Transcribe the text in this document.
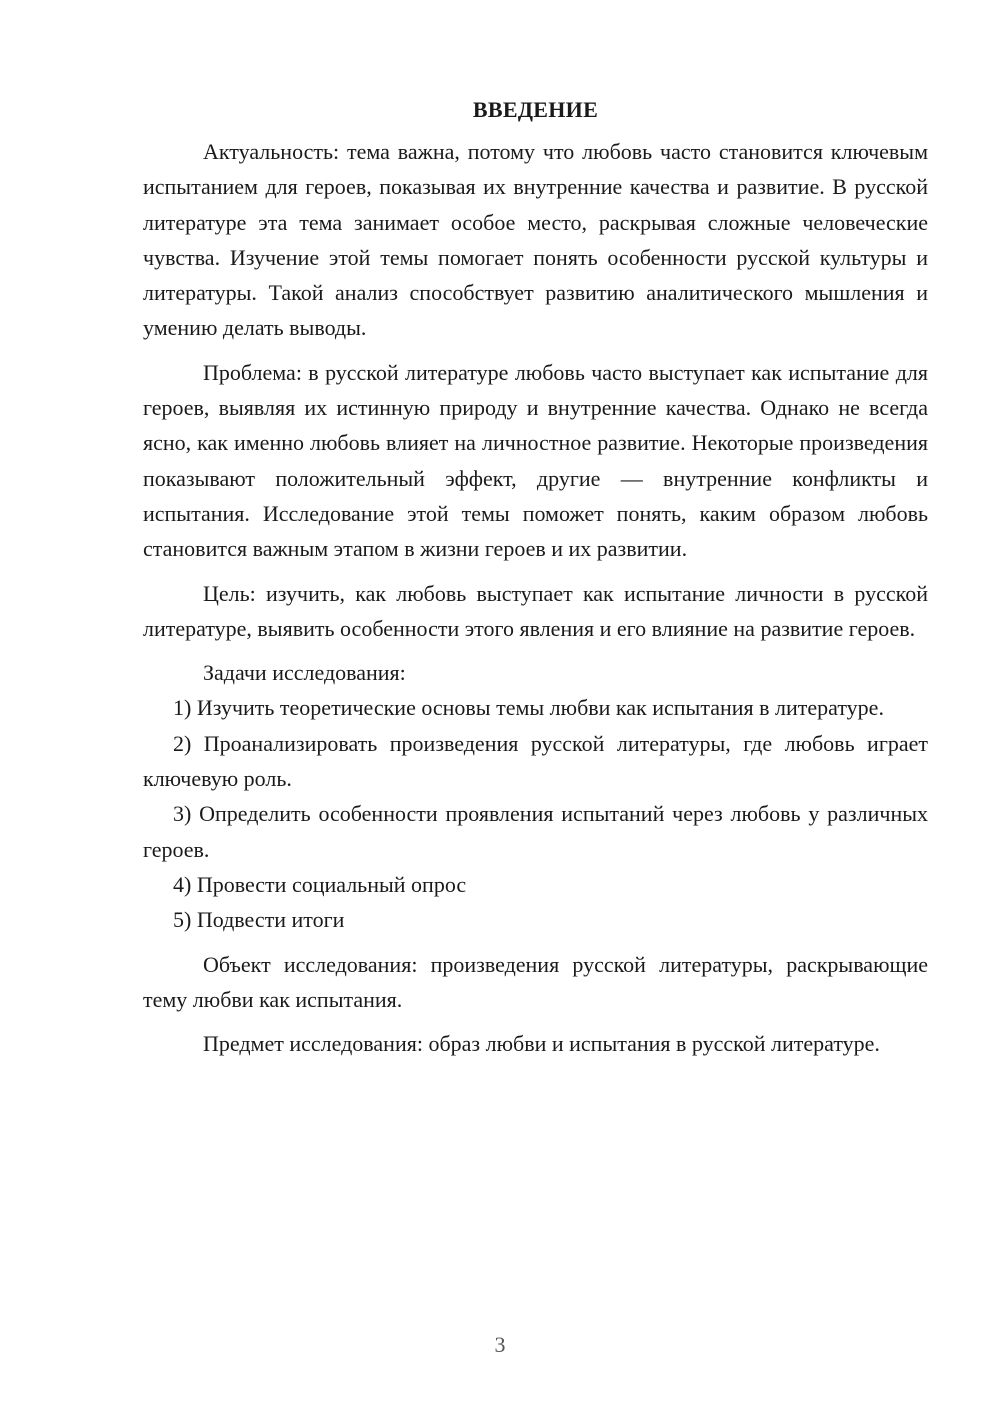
ВВЕДЕНИЕ

Актуальность: тема важна, потому что любовь часто становится ключевым испытанием для героев, показывая их внутренние качества и развитие. В русской литературе эта тема занимает особое место, раскрывая сложные человеческие чувства. Изучение этой темы помогает понять особенности русской культуры и литературы. Такой анализ способствует развитию аналитического мышления и умению делать выводы.

Проблема: в русской литературе любовь часто выступает как испытание для героев, выявляя их истинную природу и внутренние качества. Однако не всегда ясно, как именно любовь влияет на личностное развитие. Некоторые произведения показывают положительный эффект, другие — внутренние конфликты и испытания. Исследование этой темы поможет понять, каким образом любовь становится важным этапом в жизни героев и их развитии.

Цель: изучить, как любовь выступает как испытание личности в русской литературе, выявить особенности этого явления и его влияние на развитие героев.

Задачи исследования:

1) Изучить теоретические основы темы любви как испытания в литературе.

2) Проанализировать произведения русской литературы, где любовь играет ключевую роль.

3) Определить особенности проявления испытаний через любовь у различных героев.

4) Провести социальный опрос

5) Подвести итоги

Объект исследования: произведения русской литературы, раскрывающие тему любви как испытания.

Предмет исследования: образ любви и испытания в русской литературе.

3
